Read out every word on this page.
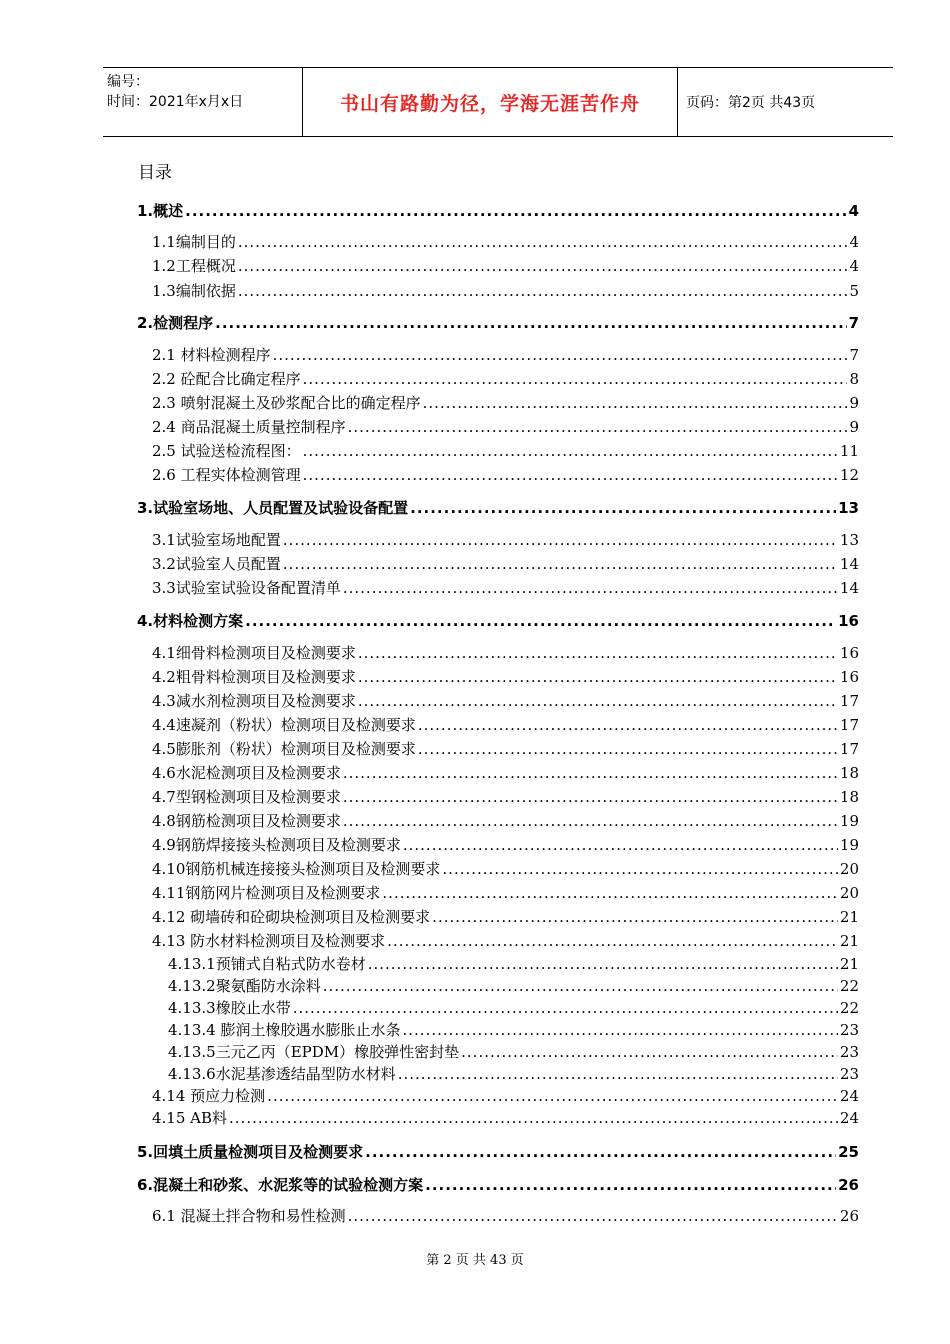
编号：
时间：2021年x月x日	书山有路勤为径，学海无涯苦作舟	页码：第2页 共43页
目录
1.概述 .....	4
1.1编制目的 .....	4
1.2工程概况 .....	4
1.3编制依据 .....	5
2.检测程序 .....	7
2.1 材料检测程序 .....	7
2.2 砼配合比确定程序 .....	8
2.3 喷射混凝土及砂浆配合比的确定程序 .....	9
2.4 商品混凝土质量控制程序 .....	9
2.5 试验送检流程图： .....	11
2.6 工程实体检测管理 .....	12
3.试验室场地、人员配置及试验设备配置 .....	13
3.1试验室场地配置 .....	13
3.2试验室人员配置 .....	14
3.3试验室试验设备配置清单 .....	14
4.材料检测方案 .....	16
4.1细骨料检测项目及检测要求 .....	16
4.2粗骨料检测项目及检测要求 .....	16
4.3减水剂检测项目及检测要求 .....	17
4.4速凝剂（粉状）检测项目及检测要求 .....	17
4.5膨胀剂（粉状）检测项目及检测要求 .....	17
4.6水泥检测项目及检测要求 .....	18
4.7型钢检测项目及检测要求 .....	18
4.8钢筋检测项目及检测要求 .....	19
4.9钢筋焊接接头检测项目及检测要求 .....	19
4.10钢筋机械连接接头检测项目及检测要求 .....	20
4.11钢筋网片检测项目及检测要求 .....	20
4.12 砌墙砖和砼砌块检测项目及检测要求 .....	21
4.13 防水材料检测项目及检测要求 .....	21
4.13.1预铺式自粘式防水卷材 .....	21
4.13.2聚氨酯防水涂料 .....	22
4.13.3橡胶止水带 .....	22
4.13.4 膨润土橡胶遇水膨胀止水条 .....	23
4.13.5三元乙丙（EPDM）橡胶弹性密封垫 .....	23
4.13.6水泥基渗透结晶型防水材料 .....	23
4.14 预应力检测 .....	24
4.15 AB料 .....	24
5.回填土质量检测项目及检测要求 .....	25
6.混凝土和砂浆、水泥浆等的试验检测方案 .....	26
6.1 混凝土拌合物和易性检测 .....	26
第 2 页 共 43 页
